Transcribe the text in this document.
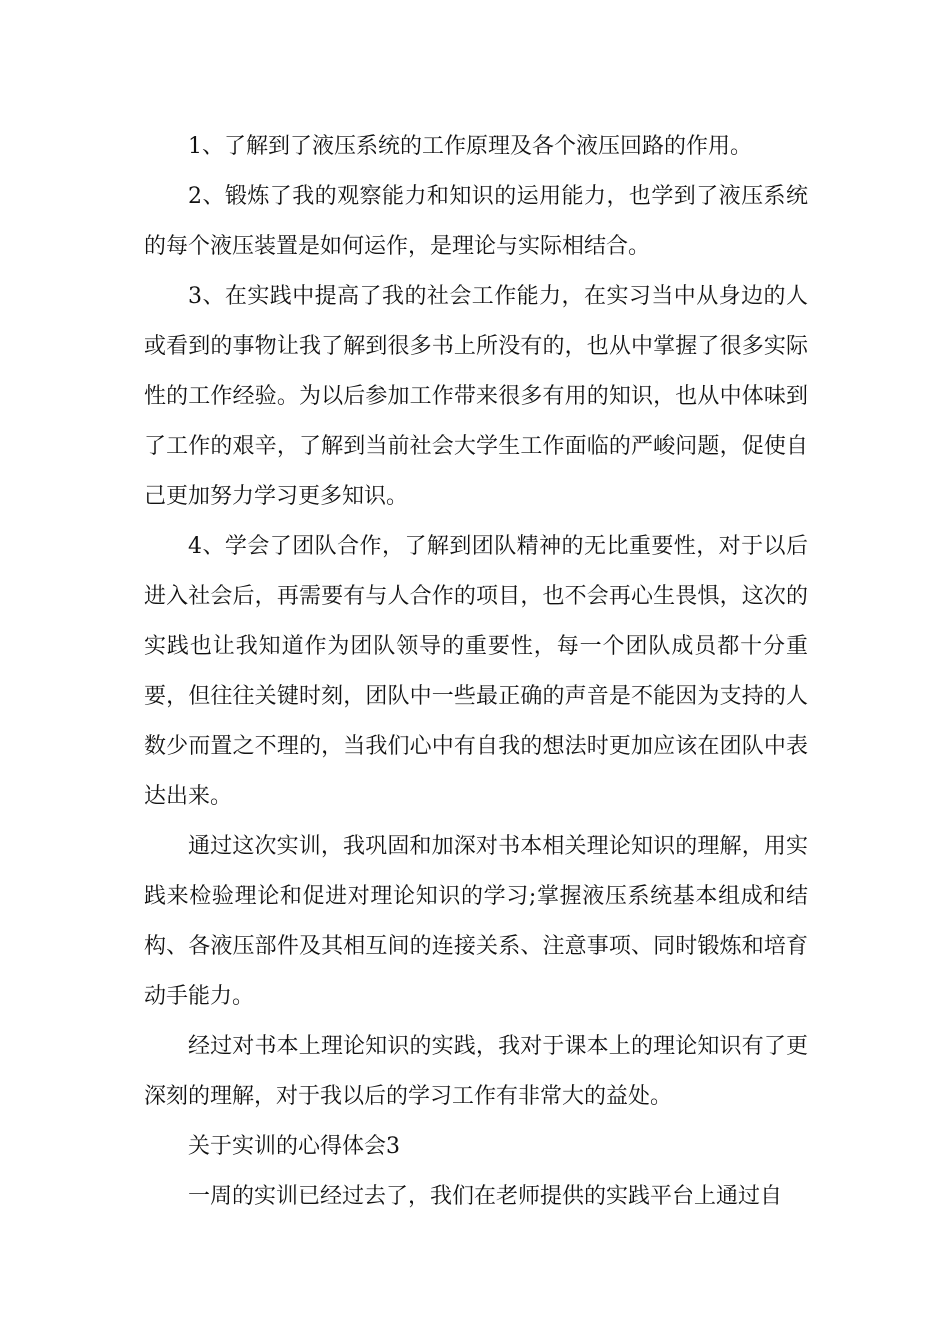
1、了解到了液压系统的工作原理及各个液压回路的作用。

2、锻炼了我的观察能力和知识的运用能力，也学到了液压系统的每个液压装置是如何运作，是理论与实际相结合。

3、在实践中提高了我的社会工作能力，在实习当中从身边的人或看到的事物让我了解到很多书上所没有的，也从中掌握了很多实际性的工作经验。为以后参加工作带来很多有用的知识，也从中体味到了工作的艰辛，了解到当前社会大学生工作面临的严峻问题，促使自己更加努力学习更多知识。

4、学会了团队合作，了解到团队精神的无比重要性，对于以后进入社会后，再需要有与人合作的项目，也不会再心生畏惧，这次的实践也让我知道作为团队领导的重要性，每一个团队成员都十分重要，但往往关键时刻，团队中一些最正确的声音是不能因为支持的人数少而置之不理的，当我们心中有自我的想法时更加应该在团队中表达出来。

通过这次实训，我巩固和加深对书本相关理论知识的理解，用实践来检验理论和促进对理论知识的学习;掌握液压系统基本组成和结构、各液压部件及其相互间的连接关系、注意事项、同时锻炼和培育动手能力。

经过对书本上理论知识的实践，我对于课本上的理论知识有了更深刻的理解，对于我以后的学习工作有非常大的益处。

关于实训的心得体会3

一周的实训已经过去了，我们在老师提供的实践平台上通过自
